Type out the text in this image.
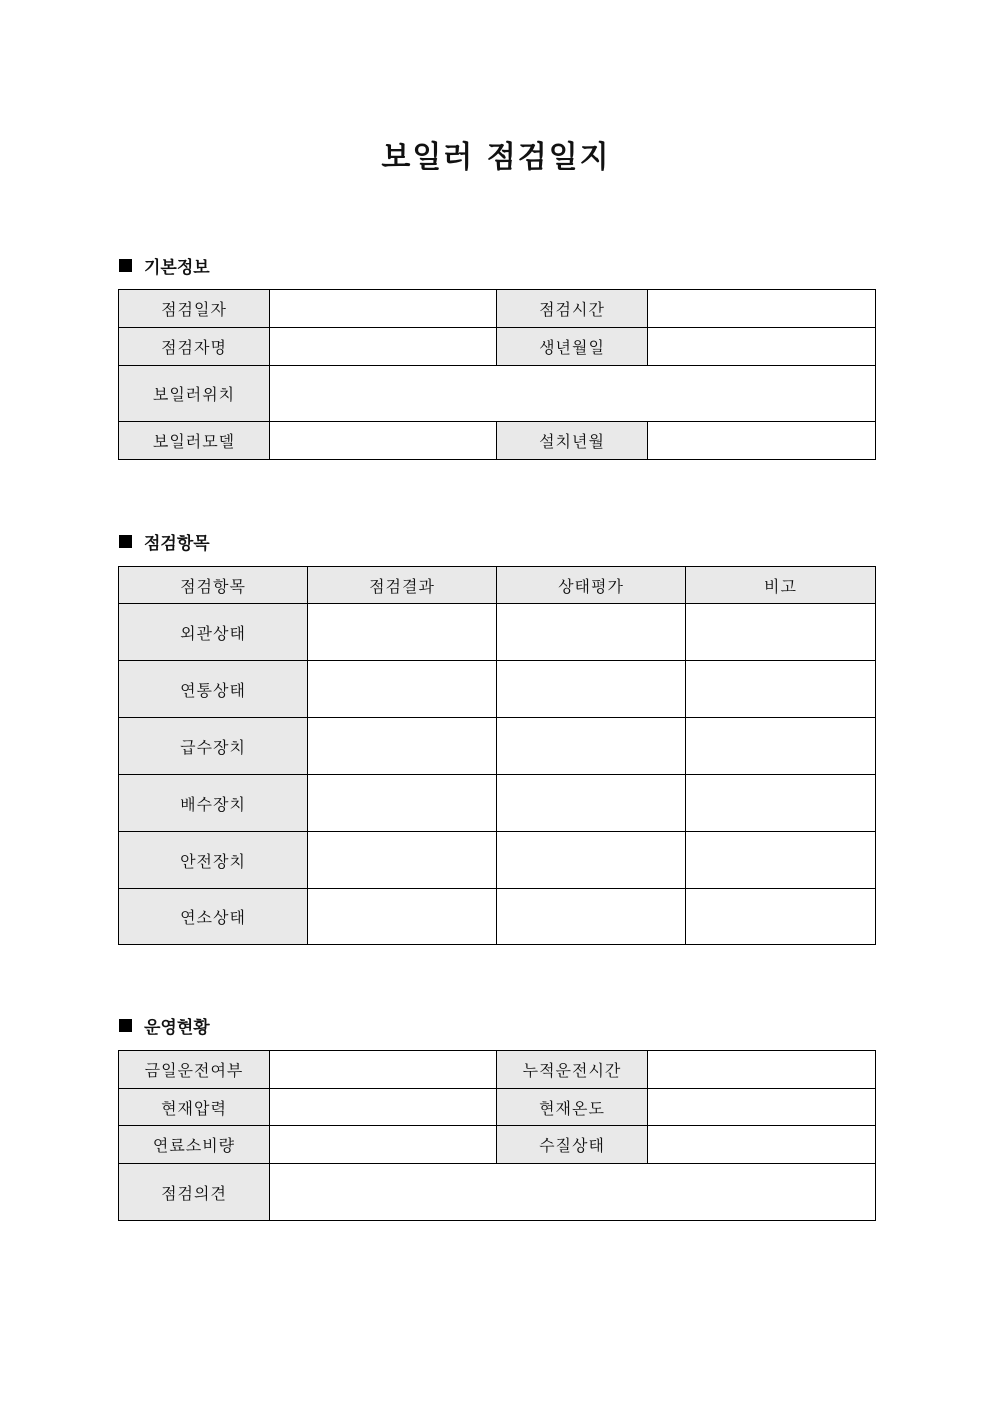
보일러 점검일지
기본정보
점검일자		점검시간	
점검자명		생년월일	
보일러위치			
보일러모델		설치년월	
점검항목
점검항목	점검결과	상태평가	비고
외관상태			
연통상태			
급수장치			
배수장치			
안전장치			
연소상태			
운영현황
금일운전여부		누적운전시간	
현재압력		현재온도	
연료소비량		수질상태	
점검의견			
